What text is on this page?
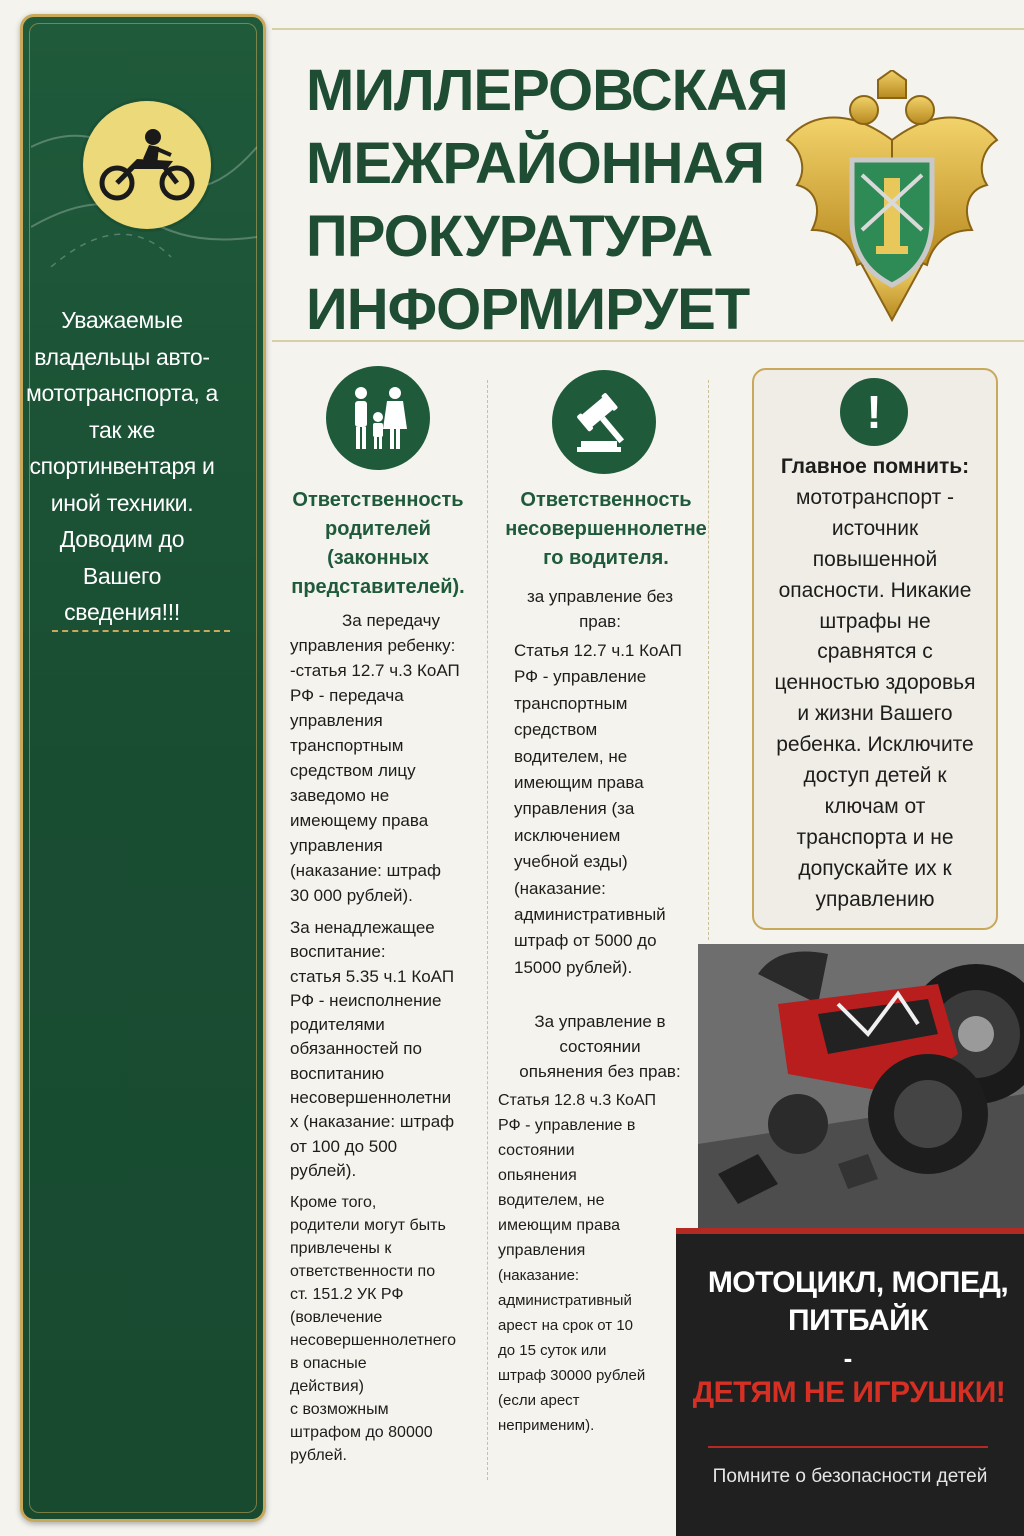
Уважаемые
владельцы авто-
мототранспорта, а
так же
спортинвентаря и
иной техники.
Доводим до Вашего
сведения!!!
МИЛЛЕРОВСКАЯ
МЕЖРАЙОННАЯ
ПРОКУРАТУРА
ИНФОРМИРУЕТ
Ответственность
родителей
(законных
представителей).

За передачу
управления ребенку:
-статья 12.7 ч.3 КоАП
РФ - передача
управления
транспортным
средством лицу
заведомо не
имеющему права
управления
(наказание: штраф
30 000 рублей).

За ненадлежащее
воспитание:
статья 5.35 ч.1 КоАП
РФ - неисполнение
родителями
обязанностей по
воспитанию
несовершеннолетни
х (наказание: штраф
от 100 до 500
рублей).

Кроме того,
родители могут быть
привлечены к
ответственности по
ст. 151.2 УК РФ
(вовлечение
несовершеннолетнего
в опасные
действия)
с возможным
штрафом до 80000
рублей.

Ответственность
несовершеннолетне
го водителя.

за управление без
прав:

Статья 12.7 ч.1 КоАП
РФ - управление
транспортным
средством
водителем, не
имеющим права
управления (за
исключением
учебной езды)
(наказание:
административный
штраф от 5000 до
15000 рублей).

За управление в
состоянии
опьянения без прав:

Статья 12.8 ч.3 КоАП
РФ - управление в
состоянии
опьянения
водителем, не
имеющим права
управления
(наказание:
административный
арест на срок от 10
до 15 суток или
штраф 30000 рублей
(если арест
неприменим).

!
Главное помнить:
мототранспорт -
источник
повышенной
опасности. Никакие
штрафы не
сравнятся с
ценностью здоровья
и жизни Вашего
ребенка. Исключите
доступ детей к
ключам от
транспорта и не
допускайте их к
управлению
МОТОЦИКЛ, МОПЕД,
ПИТБАЙК
-
ДЕТЯМ НЕ ИГРУШКИ!
Помните о безопасности детей
